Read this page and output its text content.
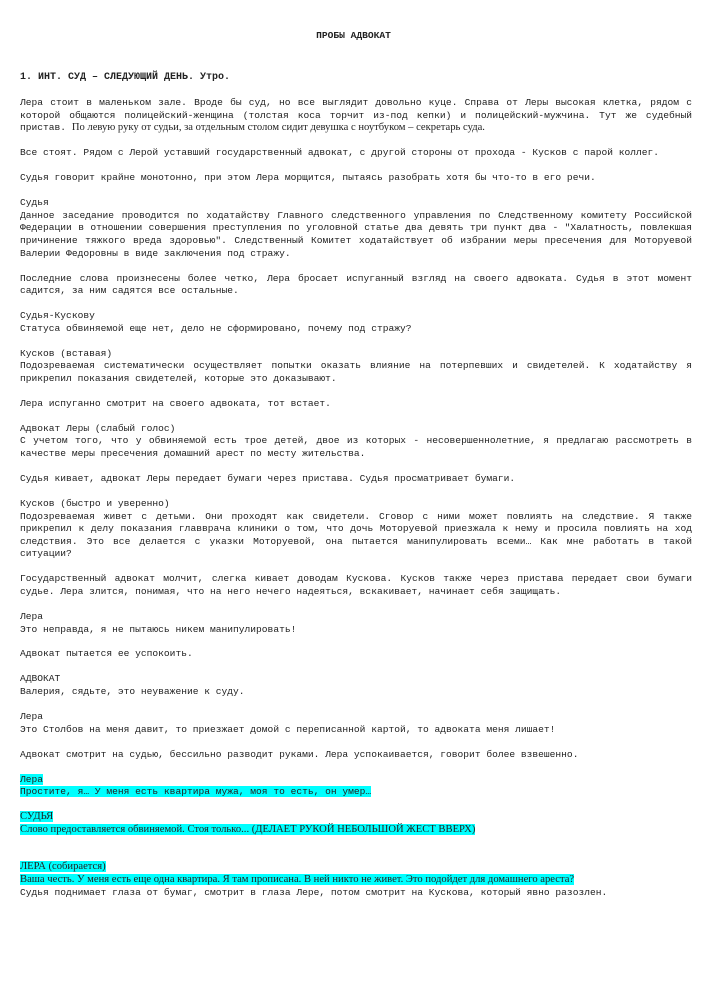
ПРОБЫ АДВОКАТ
1. ИНТ. СУД – СЛЕДУЮЩИЙ ДЕНЬ. Утро.

Лера стоит в маленьком зале. Вроде бы суд, но все выглядит довольно куце. Справа от Леры высокая клетка, рядом с которой общаются полицейский-женщина (толстая коса торчит из-под кепки) и полицейский-мужчина. Тут же судебный пристав. По левую руку от судьи, за отдельным столом сидит девушка с ноутбуком – секретарь суда.

Все стоят. Рядом с Лерой уставший государственный адвокат, с другой стороны от прохода - Кусков с парой коллег.

Судья говорит крайне монотонно, при этом Лера морщится, пытаясь разобрать хотя бы что-то в его речи.

Судья
Данное заседание проводится по ходатайству Главного следственного управления по Следственному комитету Российской Федерации в отношении совершения преступления по уголовной статье два девять три пункт два - "Халатность, повлекшая причинение тяжкого вреда здоровью". Следственный Комитет ходатайствует об избрании меры пресечения для Моторуевой Валерии Федоровны в виде заключения под стражу.

Последние слова произнесены более четко, Лера бросает испуганный взгляд на своего адвоката. Судья в этот момент садится, за ним садятся все остальные.

Судья-Кускову
Статуса обвиняемой еще нет, дело не сформировано, почему под стражу?

Кусков (вставая)
Подозреваемая систематически осуществляет попытки оказать влияние на потерпевших и свидетелей. К ходатайству я прикрепил показания свидетелей, которые это доказывают.

Лера испуганно смотрит на своего адвоката, тот встает.

Адвокат Леры (слабый голос)
С учетом того, что у обвиняемой есть трое детей, двое из которых - несовершеннолетние, я предлагаю рассмотреть в качестве меры пресечения домашний арест по месту жительства.

Судья кивает, адвокат Леры передает бумаги через пристава. Судья просматривает бумаги.

Кусков (быстро и уверенно)
Подозреваемая живет с детьми. Они проходят как свидетели. Сговор с ними может повлиять на следствие. Я также прикрепил к делу показания главврача клиники о том, что дочь Моторуевой приезжала к нему и просила повлиять на ход следствия. Это все делается с указки Моторуевой, она пытается манипулировать всеми… Как мне работать в такой ситуации?

Государственный адвокат молчит, слегка кивает доводам Кускова. Кусков также через пристава передает свои бумаги судье. Лера злится, понимая, что на него нечего надеяться, вскакивает, начинает себя защищать.

Лера
Это неправда, я не пытаюсь никем манипулировать!

Адвокат пытается ее успокоить.

АДВОКАТ
Валерия, сядьте, это неуважение к суду.

Лера
Это Столбов на меня давит, то приезжает домой с переписанной картой, то адвоката меня лишает!

Адвокат смотрит на судью, бессильно разводит руками. Лера успокаивается, говорит более взвешенно.

Лера
Простите, я… У меня есть квартира мужа, моя то есть, он умер…

СУДЬЯ
Слово предоставляется обвиняемой. Стоя только... (ДЕЛАЕТ РУКОЙ НЕБОЛЬШОЙ ЖЕСТ ВВЕРХ)

ЛЕРА (собирается)
Ваша честь. У меня есть еще одна квартира. Я там прописана. В ней никто не живет. Это подойдет для домашнего ареста?

Судья поднимает глаза от бумаг, смотрит в глаза Лере, потом смотрит на Кускова, который явно разозлен.
